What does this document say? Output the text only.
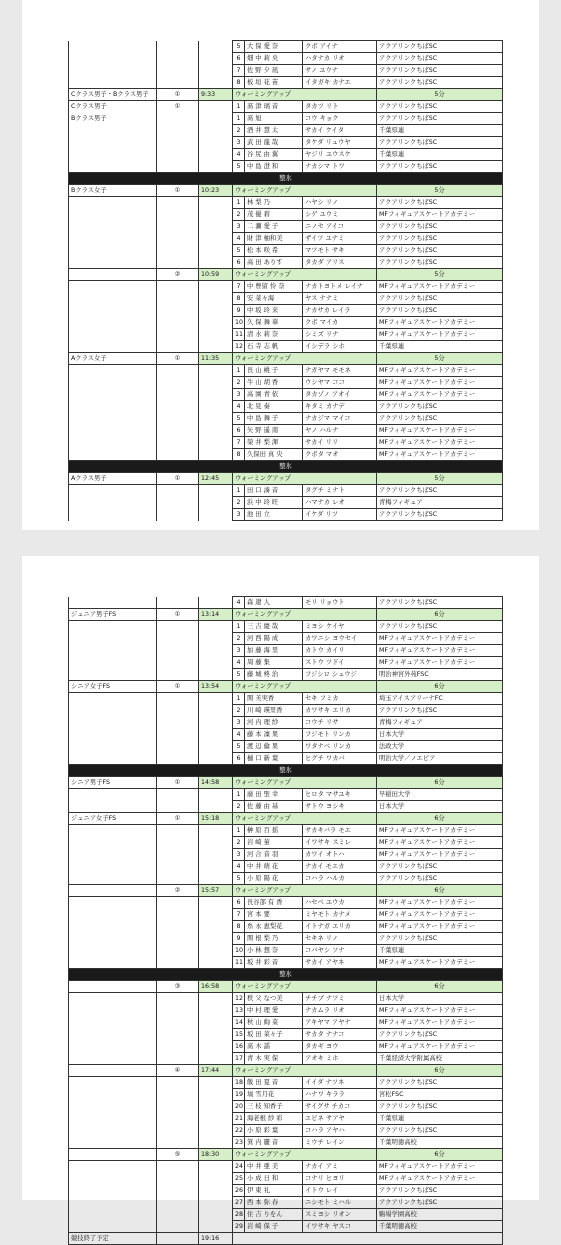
			5	大 保 愛 奈	クボ アイナ	アクアリンクちばSC
			6	畑 中 莉 央	ハタナカ リオ	アクアリンクちばSC
			7	佐 野 夕 凪	サノ ユウナ	アクアリンクちばSC
			8	板 垣 花 苗	イタガキ カナエ	アクアリンクちばSC
Cクラス男子・Bクラス男子	①	9:33	ウォーミングアップ			5分
Cクラス男子	①		1	髙 津 璃 音	タカツ リト	アクアリンクちばSC
Bクラス男子			1	髙 旭	コウ キョク	アクアリンクちばSC
			2	酒 井 慧 太	サカイ ケイタ	千葉県連
			3	武 田 龍 哉	タケダ リュウヤ	アクアリンクちばSC
			4	谷 尻 由 翼	ヤジリ ユウスケ	千葉県連
			5	中 島 澄 和	ナカシマ トワ	アクアリンクちばSC
整氷						
Bクラス女子	①	10:23	ウォーミングアップ			5分
			1	林 梨 乃	ハヤシ リノ	アクアリンクちばSC
			2	茂 優 碧	シゲ ユウミ	MFフィギュアスケートアカデミー
			3	二 瀬 愛 子	ニノセ アイコ	アクアリンクちばSC
			4	財 津 柚和美	ザイツ ユナミ	アクアリンクちばSC
			5	松 本 咲 希	マツモト サキ	アクアリンクちばSC
			6	高 田 ありす	タカダ アリス	アクアリンクちばSC
	②	10:59	ウォーミングアップ			5分
			7	中 豊留 怜 奈	ナカトヨトメ レイナ	MFフィギュアスケートアカデミー
			8	安 菜々海	ヤス ナナミ	アクアリンクちばSC
			9	中 坂 玲 来	ナカサカ レイラ	アクアリンクちばSC
			10	久 保 舞 華	クボ マイカ	MFフィギュアスケートアカデミー
			11	清 水 莉 奈	シミズ リナ	MFフィギュアスケートアカデミー
			12	石 寺 志 帆	イシデラ シホ	千葉県連
Aクラス女子	①	11:35	ウォーミングアップ			5分
			1	長 山 桃 子	ナガヤマ モモネ	MFフィギュアスケートアカデミー
			2	牛 山 胡 香	ウシヤマ ココ	MFフィギュアスケートアカデミー
			3	高 園 青 依	タカゾノ アオイ	MFフィギュアスケートアカデミー
			4	北 見 奏	キタミ カナデ	アクアリンクちばSC
			5	中 島 舞 子	ナカジマ マイコ	アクアリンクちばSC
			6	矢 野 遥 南	ヤノ ハルナ	MFフィギュアスケートアカデミー
			7	榮 井 梨 渾	サカイ リリ	MFフィギュアスケートアカデミー
			8	久保田 真 央	クボタ マオ	MFフィギュアスケートアカデミー
整氷						
Aクラス男子	①	12:45	ウォーミングアップ			5分
			1	田 口 湊 音	タグチ ミナト	アクアリンクちばSC
			2	浜 中 玲 旺	ハマナカ レオ	青梅フィギュア
			3	池 田 立	イケダ リツ	アクアリンクちばSC
			4	森 遼 人	モリ リョウト	アクアリンクちばSC
ジュニア男子FS	①	13:14	ウォーミングアップ			6分
			1	三 吉 慶 哉	ミヨシ ケイヤ	アクアリンクちばSC
			2	河 西 陽 成	カワニシ ヨウセイ	MFフィギュアスケートアカデミー
			3	加 藤 海 里	カトウ カイリ	MFフィギュアスケートアカデミー
			4	周 藤 集	ストウ ツドイ	MFフィギュアスケートアカデミー
			5	藤 城 柊 治	フジシロ シュウジ	明治神宮外苑FSC
シニア女子FS	①	13:54	ウォーミングアップ			6分
			1	関 芙実香	セキ フミカ	埼玉アイスアリーナFC
			2	川 崎 瑛里香	カワサキ エリカ	アクアリンクちばSC
			3	河 内 理 紗	コウチ リサ	青梅フィギュア
			4	藤 本 凜 果	フジモト リンカ	日本大学
			5	渡 辺 倫 果	ワタナベ リンカ	法政大学
			6	樋 口 新 葉	ヒグチ ワカバ	明治大学／ノエビア
整氷						
シニア男子FS	①	14:58	ウォーミングアップ			6分
			1	廣 田 聖 幸	ヒロタ マサユキ	早稲田大学
			2	佐 藤 由 基	サトウ ヨシキ	日本大学
ジュニア女子FS	①	15:18	ウォーミングアップ			6分
			1	榊 原 百 揺	サカキバラ モエ	MFフィギュアスケートアカデミー
			2	岩 崎 菫	イワサキ スミレ	MFフィギュアスケートアカデミー
			3	河 合 音 羽	カワイ オトハ	MFフィギュアスケートアカデミー
			4	中 井 萌 花	ナカイ モエカ	アクアリンクちばSC
			5	小 原 陽 花	コハラ ハルカ	アクアリンクちばSC
	②	15:57	ウォーミングアップ			6分
			6	長谷部 有 香	ハセベ ユウカ	MFフィギュアスケートアカデミー
			7	宮 本 要	ミヤモト カナメ	MFフィギュアスケートアカデミー
			8	糸 永 恵梨花	イトナガ エリカ	MFフィギュアスケートアカデミー
			9	関 根 梨 乃	セキネ リノ	アクアリンクちばSC
			10	小 林 想 奈	コバヤシ ソナ	千葉県連
			11	坂 井 彩 音	サカイ アヤネ	MFフィギュアスケートアカデミー
整氷						
	③	16:58	ウォーミングアップ			6分
			12	秩 父 なつ美	チチブ ナツミ	日本大学
			13	中 村 理 愛	ナカムラ リオ	MFフィギュアスケートアカデミー
			14	秋 山 絢 菜	アキヤマ アヤナ	MFフィギュアスケートアカデミー
			15	坂 田 菜々子	サカタ ナナコ	アクアリンクちばSC
			16	髙 木 謡	タカギ ヨウ	MFフィギュアスケートアカデミー
			17	青 木 実 保	アオキ ミホ	千葉経済大学附属高校
	④	17:44	ウォーミングアップ			6分
			18	飯 田 夏 音	イイダ ナツネ	アクアリンクちばSC
			19	塙 雪月花	ハナワ キララ	宮松FSC
			20	三 枝 知香子	サイグサ チカコ	アクアリンクちばSC
			21	海老根 紗 彩	エビネ サアヤ	千葉県連
			22	小 原 彩 葉	コハラ アヤハ	アクアリンクちばSC
			23	箕 内 麗 音	ミウチ レイン	千葉明徳高校
	⑤	18:30	ウォーミングアップ			6分
			24	中 井 亜 美	ナカイ アミ	MFフィギュアスケートアカデミー
			25	小 成 日 和	コナリ ヒヨリ	MFフィギュアスケートアカデミー
			26	伊 東 礼	イトウ レイ	アクアリンクちばSC
			27	西 本 弥 春	ニシモト ミハル	アクアリンクちばSC
			28	住 吉 りをん	スミヨシ リオン	駒場学園高校
			29	岩 崎 保 子	イワサキ ヤスコ	千葉明徳高校
競技終了予定		19:16				
